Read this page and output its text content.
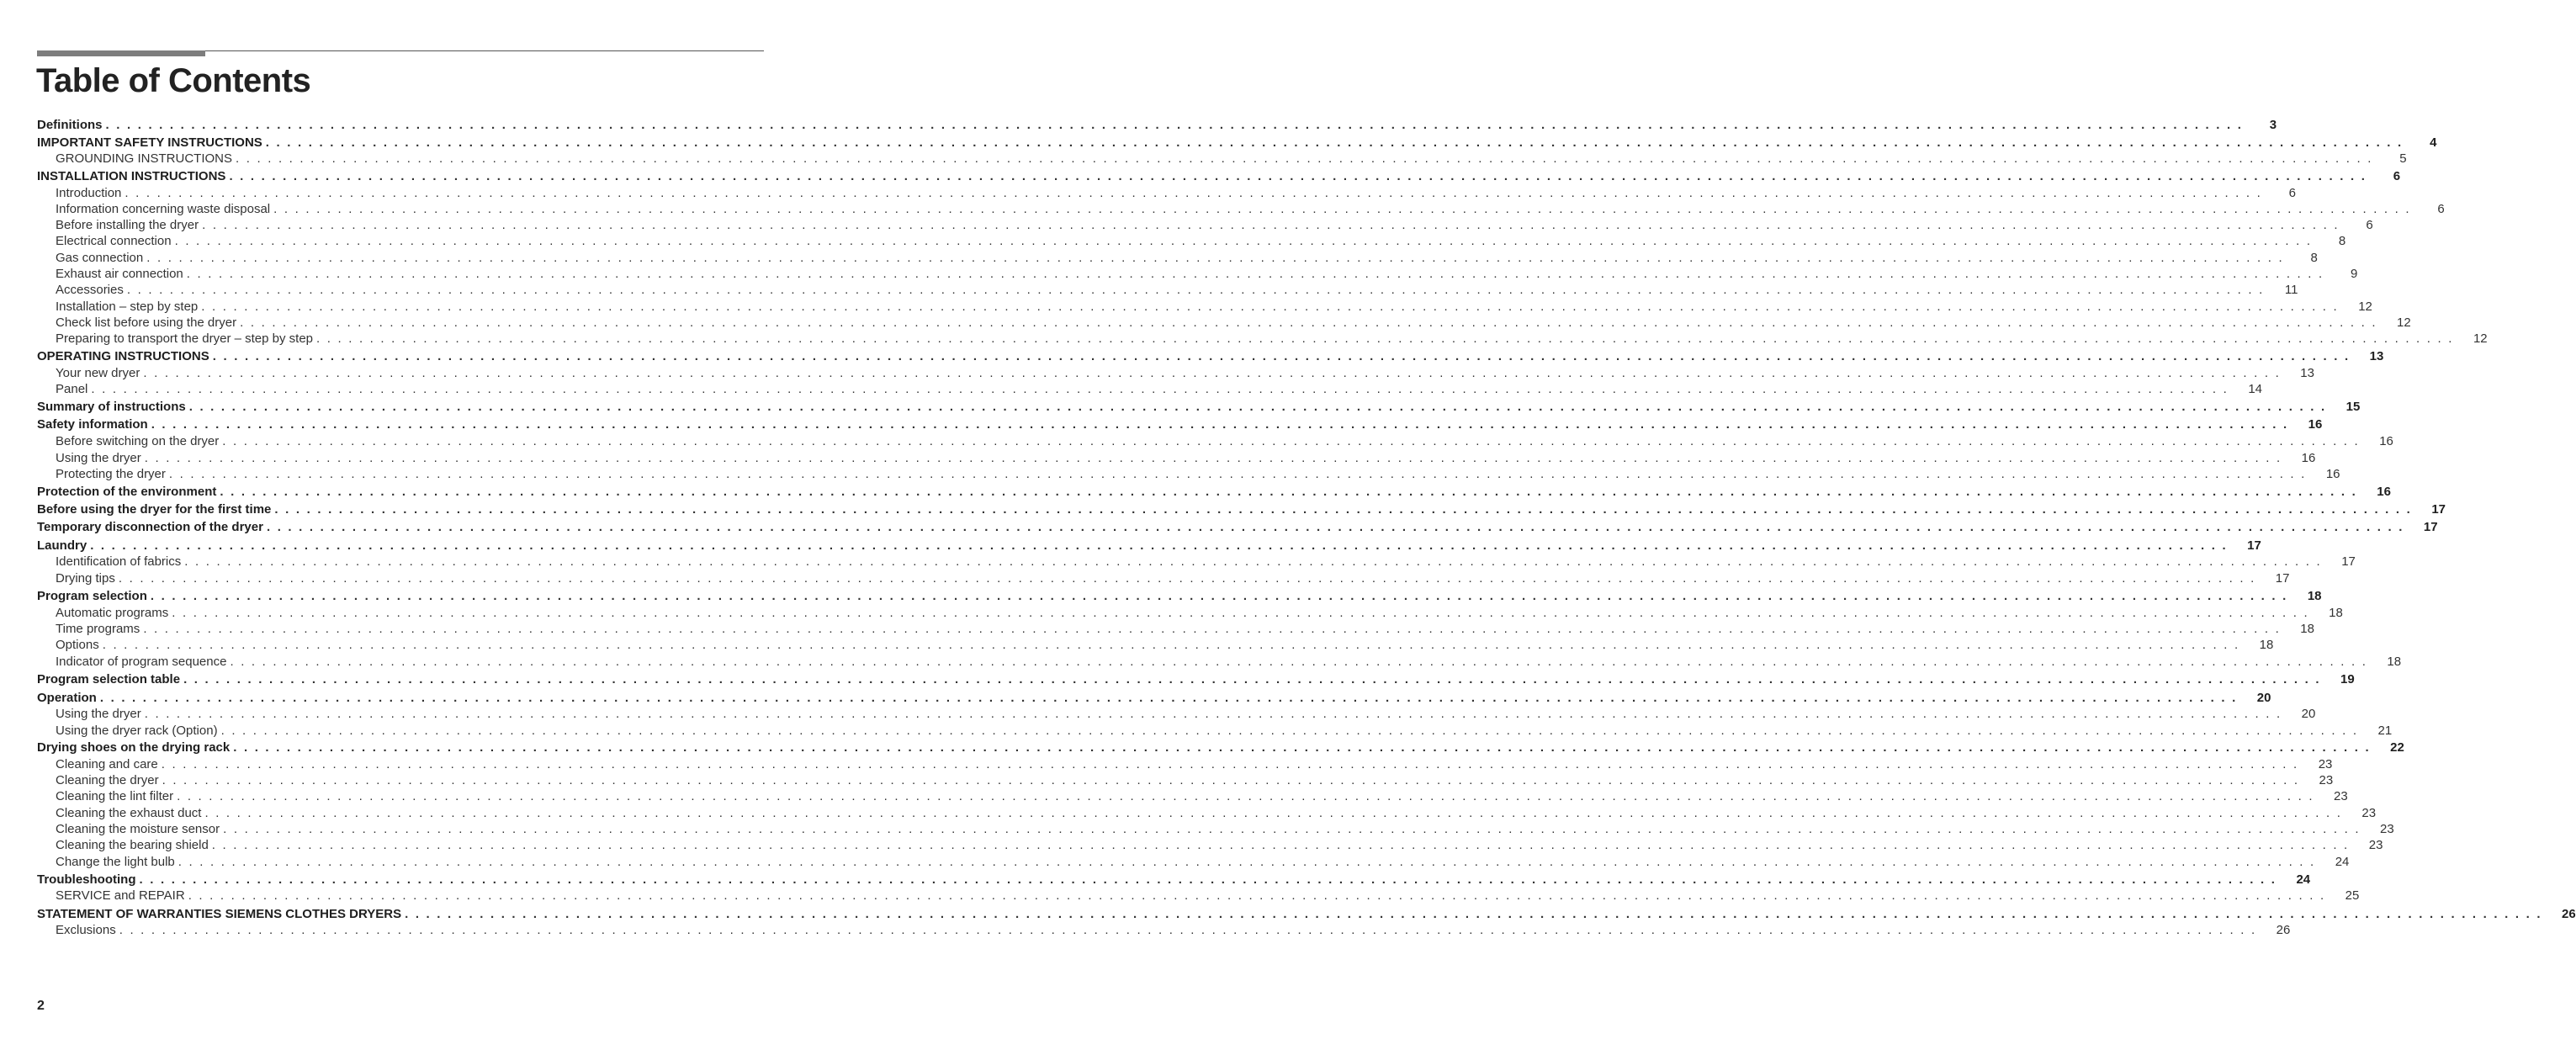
Table of Contents
Definitions . . . . . . . . . . . . . . . . . . . . . . . . . . . . . . . . . . . . . . . . . . . . . . . . . . . . . . . . . . . . . . . . . . . . . . . . . . . . . . . . . . . . . . . . . . . . . . . . . . . . . . . . . . . . . . . . . . . . . . . . . . . . . . . . . . . . . . . . . . . . . . . . . . . . . . . . . . . . . . . . . . . . . . . . . . . . . . . . . . . . . . . . . . . . . . . . . . . . . . . .	3
IMPORTANT SAFETY INSTRUCTIONS . . . . . . . . . . . . . . . . . . . . . . . . . . . . . . . . . . . . . . . . . . . . . . . . . . . . . . . . . . . . . . . . . . . . . . . . . . . . . . . . . . . . . . . . . . . . . . . . . . . . . . . . . . . . . . . . . . . . . . . . . . . . . . . . . . . . . . . . . . . . . . . . . . . . . . . . . . . . . . . . . . . . . . . . . . . . . . . . . . . . . . . . . . . . . . . . . . . . . . . .	4
GROUNDING INSTRUCTIONS . . . . . . . . . . . . . . . . . . . . . . . . . . . . . . . . . . . . . . . . . . . . . . . . . . . . . . . . . . . . . . . . . . . . . . . . . . . . . . . . . . . . . . . . . . . . . . . . . . . . . . . . . . . . . . . . . . . . . . . . . . . . . . . . . . . . . . . . . . . . . . . . . . . . . . . . . . . . . . . . . . . . . . . . . . . . . . . . . . . . . . . . . . . . . . . . . . . . . . . .	5
INSTALLATION INSTRUCTIONS . . . . . . . . . . . . . . . . . . . . . . . . . . . . . . . . . . . . . . . . . . . . . . . . . . . . . . . . . . . . . . . . . . . . . . . . . . . . . . . . . . . . . . . . . . . . . . . . . . . . . . . . . . . . . . . . . . . . . . . . . . . . . . . . . . . . . . . . . . . . . . . . . . . . . . . . . . . . . . . . . . . . . . . . . . . . . . . . . . . . . . . . . . . . . . . . . . . . . . . .	6
Introduction . . . . . . . . . . . . . . . . . . . . . . . . . . . . . . . . . . . . . . . . . . . . . . . . . . . . . . . . . . . . . . . . . . . . . . . . . . . . . . . . . . . . . . . . . . . . . . . . . . . . . . . . . . . . . . . . . . . . . . . . . . . . . . . . . . . . . . . . . . . . . . . . . . . . . . . . . . . . . . . . . . . . . . . . . . . . . . . . . . . . . . . . . . . . . . . . . . . . . . . .	6
Information concerning waste disposal . . . . . . . . . . . . . . . . . . . . . . . . . . . . . . . . . . . . . . . . . . . . . . . . . . . . . . . . . . . . . . . . . . . . . . . . . . . . . . . . . . . . . . . . . . . . . . . . . . . . . . . . . . . . . . . . . . . . . . . . . . . . . . . . . . . . . . . . . . . . . . . . . . . . . . . . . . . . . . . . . . . . . . . . . . . . . . . . . . . . . . . . . . . . . . . . . . . . . . . .	6
Before installing the dryer . . . . . . . . . . . . . . . . . . . . . . . . . . . . . . . . . . . . . . . . . . . . . . . . . . . . . . . . . . . . . . . . . . . . . . . . . . . . . . . . . . . . . . . . . . . . . . . . . . . . . . . . . . . . . . . . . . . . . . . . . . . . . . . . . . . . . . . . . . . . . . . . . . . . . . . . . . . . . . . . . . . . . . . . . . . . . . . . . . . . . . . . . . . . . . . . . . . . . . . .	6
Electrical connection . . . . . . . . . . . . . . . . . . . . . . . . . . . . . . . . . . . . . . . . . . . . . . . . . . . . . . . . . . . . . . . . . . . . . . . . . . . . . . . . . . . . . . . . . . . . . . . . . . . . . . . . . . . . . . . . . . . . . . . . . . . . . . . . . . . . . . . . . . . . . . . . . . . . . . . . . . . . . . . . . . . . . . . . . . . . . . . . . . . . . . . . . . . . . . . . . . . . . . . .	8
Gas connection . . . . . . . . . . . . . . . . . . . . . . . . . . . . . . . . . . . . . . . . . . . . . . . . . . . . . . . . . . . . . . . . . . . . . . . . . . . . . . . . . . . . . . . . . . . . . . . . . . . . . . . . . . . . . . . . . . . . . . . . . . . . . . . . . . . . . . . . . . . . . . . . . . . . . . . . . . . . . . . . . . . . . . . . . . . . . . . . . . . . . . . . . . . . . . . . . . . . . . . .	8
Exhaust air connection . . . . . . . . . . . . . . . . . . . . . . . . . . . . . . . . . . . . . . . . . . . . . . . . . . . . . . . . . . . . . . . . . . . . . . . . . . . . . . . . . . . . . . . . . . . . . . . . . . . . . . . . . . . . . . . . . . . . . . . . . . . . . . . . . . . . . . . . . . . . . . . . . . . . . . . . . . . . . . . . . . . . . . . . . . . . . . . . . . . . . . . . . . . . . . . . . . . . . . . .	9
Accessories . . . . . . . . . . . . . . . . . . . . . . . . . . . . . . . . . . . . . . . . . . . . . . . . . . . . . . . . . . . . . . . . . . . . . . . . . . . . . . . . . . . . . . . . . . . . . . . . . . . . . . . . . . . . . . . . . . . . . . . . . . . . . . . . . . . . . . . . . . . . . . . . . . . . . . . . . . . . . . . . . . . . . . . . . . . . . . . . . . . . . . . . . . . . . . . . . . . . . . . .	11
Installation – step by step . . . . . . . . . . . . . . . . . . . . . . . . . . . . . . . . . . . . . . . . . . . . . . . . . . . . . . . . . . . . . . . . . . . . . . . . . . . . . . . . . . . . . . . . . . . . . . . . . . . . . . . . . . . . . . . . . . . . . . . . . . . . . . . . . . . . . . . . . . . . . . . . . . . . . . . . . . . . . . . . . . . . . . . . . . . . . . . . . . . . . . . . . . . . . . . . . . . . . . . .	12
Check list before using the dryer . . . . . . . . . . . . . . . . . . . . . . . . . . . . . . . . . . . . . . . . . . . . . . . . . . . . . . . . . . . . . . . . . . . . . . . . . . . . . . . . . . . . . . . . . . . . . . . . . . . . . . . . . . . . . . . . . . . . . . . . . . . . . . . . . . . . . . . . . . . . . . . . . . . . . . . . . . . . . . . . . . . . . . . . . . . . . . . . . . . . . . . . . . . . . . . . . . . . . . . .	12
Preparing to transport the dryer – step by step . . . . . . . . . . . . . . . . . . . . . . . . . . . . . . . . . . . . . . . . . . . . . . . . . . . . . . . . . . . . . . . . . . . . . . . . . . . . . . . . . . . . . . . . . . . . . . . . . . . . . . . . . . . . . . . . . . . . . . . . . . . . . . . . . . . . . . . . . . . . . . . . . . . . . . . . . . . . . . . . . . . . . . . . . . . . . . . . . . . . . . . . . . . . . . . . . . . . . . . .	12
OPERATING INSTRUCTIONS . . . . . . . . . . . . . . . . . . . . . . . . . . . . . . . . . . . . . . . . . . . . . . . . . . . . . . . . . . . . . . . . . . . . . . . . . . . . . . . . . . . . . . . . . . . . . . . . . . . . . . . . . . . . . . . . . . . . . . . . . . . . . . . . . . . . . . . . . . . . . . . . . . . . . . . . . . . . . . . . . . . . . . . . . . . . . . . . . . . . . . . . . . . . . . . . . . . . . . . .	13
Your new dryer . . . . . . . . . . . . . . . . . . . . . . . . . . . . . . . . . . . . . . . . . . . . . . . . . . . . . . . . . . . . . . . . . . . . . . . . . . . . . . . . . . . . . . . . . . . . . . . . . . . . . . . . . . . . . . . . . . . . . . . . . . . . . . . . . . . . . . . . . . . . . . . . . . . . . . . . . . . . . . . . . . . . . . . . . . . . . . . . . . . . . . . . . . . . . . . . . . . . . . . .	13
Panel . . . . . . . . . . . . . . . . . . . . . . . . . . . . . . . . . . . . . . . . . . . . . . . . . . . . . . . . . . . . . . . . . . . . . . . . . . . . . . . . . . . . . . . . . . . . . . . . . . . . . . . . . . . . . . . . . . . . . . . . . . . . . . . . . . . . . . . . . . . . . . . . . . . . . . . . . . . . . . . . . . . . . . . . . . . . . . . . . . . . . . . . . . . . . . . . . . . . . . . .	14
Summary of instructions . . . . . . . . . . . . . . . . . . . . . . . . . . . . . . . . . . . . . . . . . . . . . . . . . . . . . . . . . . . . . . . . . . . . . . . . . . . . . . . . . . . . . . . . . . . . . . . . . . . . . . . . . . . . . . . . . . . . . . . . . . . . . . . . . . . . . . . . . . . . . . . . . . . . . . . . . . . . . . . . . . . . . . . . . . . . . . . . . . . . . . . . . . . . . . . . . . . . . . . .	15
Safety information . . . . . . . . . . . . . . . . . . . . . . . . . . . . . . . . . . . . . . . . . . . . . . . . . . . . . . . . . . . . . . . . . . . . . . . . . . . . . . . . . . . . . . . . . . . . . . . . . . . . . . . . . . . . . . . . . . . . . . . . . . . . . . . . . . . . . . . . . . . . . . . . . . . . . . . . . . . . . . . . . . . . . . . . . . . . . . . . . . . . . . . . . . . . . . . . . . . . . . . .	16
Before switching on the dryer . . . . . . . . . . . . . . . . . . . . . . . . . . . . . . . . . . . . . . . . . . . . . . . . . . . . . . . . . . . . . . . . . . . . . . . . . . . . . . . . . . . . . . . . . . . . . . . . . . . . . . . . . . . . . . . . . . . . . . . . . . . . . . . . . . . . . . . . . . . . . . . . . . . . . . . . . . . . . . . . . . . . . . . . . . . . . . . . . . . . . . . . . . . . . . . . . . . . . . . .	16
Using the dryer . . . . . . . . . . . . . . . . . . . . . . . . . . . . . . . . . . . . . . . . . . . . . . . . . . . . . . . . . . . . . . . . . . . . . . . . . . . . . . . . . . . . . . . . . . . . . . . . . . . . . . . . . . . . . . . . . . . . . . . . . . . . . . . . . . . . . . . . . . . . . . . . . . . . . . . . . . . . . . . . . . . . . . . . . . . . . . . . . . . . . . . . . . . . . . . . . . . . . . . .	16
Protecting the dryer . . . . . . . . . . . . . . . . . . . . . . . . . . . . . . . . . . . . . . . . . . . . . . . . . . . . . . . . . . . . . . . . . . . . . . . . . . . . . . . . . . . . . . . . . . . . . . . . . . . . . . . . . . . . . . . . . . . . . . . . . . . . . . . . . . . . . . . . . . . . . . . . . . . . . . . . . . . . . . . . . . . . . . . . . . . . . . . . . . . . . . . . . . . . . . . . . . . . . . . .	16
Protection of the environment . . . . . . . . . . . . . . . . . . . . . . . . . . . . . . . . . . . . . . . . . . . . . . . . . . . . . . . . . . . . . . . . . . . . . . . . . . . . . . . . . . . . . . . . . . . . . . . . . . . . . . . . . . . . . . . . . . . . . . . . . . . . . . . . . . . . . . . . . . . . . . . . . . . . . . . . . . . . . . . . . . . . . . . . . . . . . . . . . . . . . . . . . . . . . . . . . . . . . . . .	16
Before using the dryer for the first time . . . . . . . . . . . . . . . . . . . . . . . . . . . . . . . . . . . . . . . . . . . . . . . . . . . . . . . . . . . . . . . . . . . . . . . . . . . . . . . . . . . . . . . . . . . . . . . . . . . . . . . . . . . . . . . . . . . . . . . . . . . . . . . . . . . . . . . . . . . . . . . . . . . . . . . . . . . . . . . . . . . . . . . . . . . . . . . . . . . . . . . . . . . . . . . . . . . . . . . .	17
Temporary disconnection of the dryer . . . . . . . . . . . . . . . . . . . . . . . . . . . . . . . . . . . . . . . . . . . . . . . . . . . . . . . . . . . . . . . . . . . . . . . . . . . . . . . . . . . . . . . . . . . . . . . . . . . . . . . . . . . . . . . . . . . . . . . . . . . . . . . . . . . . . . . . . . . . . . . . . . . . . . . . . . . . . . . . . . . . . . . . . . . . . . . . . . . . . . . . . . . . . . . . . . . . . . . .	17
Laundry . . . . . . . . . . . . . . . . . . . . . . . . . . . . . . . . . . . . . . . . . . . . . . . . . . . . . . . . . . . . . . . . . . . . . . . . . . . . . . . . . . . . . . . . . . . . . . . . . . . . . . . . . . . . . . . . . . . . . . . . . . . . . . . . . . . . . . . . . . . . . . . . . . . . . . . . . . . . . . . . . . . . . . . . . . . . . . . . . . . . . . . . . . . . . . . . . . . . . . . .	17
Identification of fabrics . . . . . . . . . . . . . . . . . . . . . . . . . . . . . . . . . . . . . . . . . . . . . . . . . . . . . . . . . . . . . . . . . . . . . . . . . . . . . . . . . . . . . . . . . . . . . . . . . . . . . . . . . . . . . . . . . . . . . . . . . . . . . . . . . . . . . . . . . . . . . . . . . . . . . . . . . . . . . . . . . . . . . . . . . . . . . . . . . . . . . . . . . . . . . . . . . . . . . . . .	17
Drying tips . . . . . . . . . . . . . . . . . . . . . . . . . . . . . . . . . . . . . . . . . . . . . . . . . . . . . . . . . . . . . . . . . . . . . . . . . . . . . . . . . . . . . . . . . . . . . . . . . . . . . . . . . . . . . . . . . . . . . . . . . . . . . . . . . . . . . . . . . . . . . . . . . . . . . . . . . . . . . . . . . . . . . . . . . . . . . . . . . . . . . . . . . . . . . . . . . . . . . . . .	17
Program selection . . . . . . . . . . . . . . . . . . . . . . . . . . . . . . . . . . . . . . . . . . . . . . . . . . . . . . . . . . . . . . . . . . . . . . . . . . . . . . . . . . . . . . . . . . . . . . . . . . . . . . . . . . . . . . . . . . . . . . . . . . . . . . . . . . . . . . . . . . . . . . . . . . . . . . . . . . . . . . . . . . . . . . . . . . . . . . . . . . . . . . . . . . . . . . . . . . . . . . . .	18
Automatic programs . . . . . . . . . . . . . . . . . . . . . . . . . . . . . . . . . . . . . . . . . . . . . . . . . . . . . . . . . . . . . . . . . . . . . . . . . . . . . . . . . . . . . . . . . . . . . . . . . . . . . . . . . . . . . . . . . . . . . . . . . . . . . . . . . . . . . . . . . . . . . . . . . . . . . . . . . . . . . . . . . . . . . . . . . . . . . . . . . . . . . . . . . . . . . . . . . . . . . . . .	18
Time programs . . . . . . . . . . . . . . . . . . . . . . . . . . . . . . . . . . . . . . . . . . . . . . . . . . . . . . . . . . . . . . . . . . . . . . . . . . . . . . . . . . . . . . . . . . . . . . . . . . . . . . . . . . . . . . . . . . . . . . . . . . . . . . . . . . . . . . . . . . . . . . . . . . . . . . . . . . . . . . . . . . . . . . . . . . . . . . . . . . . . . . . . . . . . . . . . . . . . . . . .	18
Options . . . . . . . . . . . . . . . . . . . . . . . . . . . . . . . . . . . . . . . . . . . . . . . . . . . . . . . . . . . . . . . . . . . . . . . . . . . . . . . . . . . . . . . . . . . . . . . . . . . . . . . . . . . . . . . . . . . . . . . . . . . . . . . . . . . . . . . . . . . . . . . . . . . . . . . . . . . . . . . . . . . . . . . . . . . . . . . . . . . . . . . . . . . . . . . . . . . . . . . .	18
Indicator of program sequence . . . . . . . . . . . . . . . . . . . . . . . . . . . . . . . . . . . . . . . . . . . . . . . . . . . . . . . . . . . . . . . . . . . . . . . . . . . . . . . . . . . . . . . . . . . . . . . . . . . . . . . . . . . . . . . . . . . . . . . . . . . . . . . . . . . . . . . . . . . . . . . . . . . . . . . . . . . . . . . . . . . . . . . . . . . . . . . . . . . . . . . . . . . . . . . . . . . . . . . .	18
Program selection table . . . . . . . . . . . . . . . . . . . . . . . . . . . . . . . . . . . . . . . . . . . . . . . . . . . . . . . . . . . . . . . . . . . . . . . . . . . . . . . . . . . . . . . . . . . . . . . . . . . . . . . . . . . . . . . . . . . . . . . . . . . . . . . . . . . . . . . . . . . . . . . . . . . . . . . . . . . . . . . . . . . . . . . . . . . . . . . . . . . . . . . . . . . . . . . . . . . . . . . .	19
Operation . . . . . . . . . . . . . . . . . . . . . . . . . . . . . . . . . . . . . . . . . . . . . . . . . . . . . . . . . . . . . . . . . . . . . . . . . . . . . . . . . . . . . . . . . . . . . . . . . . . . . . . . . . . . . . . . . . . . . . . . . . . . . . . . . . . . . . . . . . . . . . . . . . . . . . . . . . . . . . . . . . . . . . . . . . . . . . . . . . . . . . . . . . . . . . . . . . . . . . . .	20
Using the dryer . . . . . . . . . . . . . . . . . . . . . . . . . . . . . . . . . . . . . . . . . . . . . . . . . . . . . . . . . . . . . . . . . . . . . . . . . . . . . . . . . . . . . . . . . . . . . . . . . . . . . . . . . . . . . . . . . . . . . . . . . . . . . . . . . . . . . . . . . . . . . . . . . . . . . . . . . . . . . . . . . . . . . . . . . . . . . . . . . . . . . . . . . . . . . . . . . . . . . . . .	20
Using the dryer rack (Option) . . . . . . . . . . . . . . . . . . . . . . . . . . . . . . . . . . . . . . . . . . . . . . . . . . . . . . . . . . . . . . . . . . . . . . . . . . . . . . . . . . . . . . . . . . . . . . . . . . . . . . . . . . . . . . . . . . . . . . . . . . . . . . . . . . . . . . . . . . . . . . . . . . . . . . . . . . . . . . . . . . . . . . . . . . . . . . . . . . . . . . . . . . . . . . . . . . . . . . . .	21
Drying shoes on the drying rack . . . . . . . . . . . . . . . . . . . . . . . . . . . . . . . . . . . . . . . . . . . . . . . . . . . . . . . . . . . . . . . . . . . . . . . . . . . . . . . . . . . . . . . . . . . . . . . . . . . . . . . . . . . . . . . . . . . . . . . . . . . . . . . . . . . . . . . . . . . . . . . . . . . . . . . . . . . . . . . . . . . . . . . . . . . . . . . . . . . . . . . . . . . . . . . . . . . . . . . .	22
Cleaning and care . . . . . . . . . . . . . . . . . . . . . . . . . . . . . . . . . . . . . . . . . . . . . . . . . . . . . . . . . . . . . . . . . . . . . . . . . . . . . . . . . . . . . . . . . . . . . . . . . . . . . . . . . . . . . . . . . . . . . . . . . . . . . . . . . . . . . . . . . . . . . . . . . . . . . . . . . . . . . . . . . . . . . . . . . . . . . . . . . . . . . . . . . . . . . . . . . . . . . . . .	23
Cleaning the dryer . . . . . . . . . . . . . . . . . . . . . . . . . . . . . . . . . . . . . . . . . . . . . . . . . . . . . . . . . . . . . . . . . . . . . . . . . . . . . . . . . . . . . . . . . . . . . . . . . . . . . . . . . . . . . . . . . . . . . . . . . . . . . . . . . . . . . . . . . . . . . . . . . . . . . . . . . . . . . . . . . . . . . . . . . . . . . . . . . . . . . . . . . . . . . . . . . . . . . . . .	23
Cleaning the lint filter . . . . . . . . . . . . . . . . . . . . . . . . . . . . . . . . . . . . . . . . . . . . . . . . . . . . . . . . . . . . . . . . . . . . . . . . . . . . . . . . . . . . . . . . . . . . . . . . . . . . . . . . . . . . . . . . . . . . . . . . . . . . . . . . . . . . . . . . . . . . . . . . . . . . . . . . . . . . . . . . . . . . . . . . . . . . . . . . . . . . . . . . . . . . . . . . . . . . . . . .	23
Cleaning the exhaust duct . . . . . . . . . . . . . . . . . . . . . . . . . . . . . . . . . . . . . . . . . . . . . . . . . . . . . . . . . . . . . . . . . . . . . . . . . . . . . . . . . . . . . . . . . . . . . . . . . . . . . . . . . . . . . . . . . . . . . . . . . . . . . . . . . . . . . . . . . . . . . . . . . . . . . . . . . . . . . . . . . . . . . . . . . . . . . . . . . . . . . . . . . . . . . . . . . . . . . . . .	23
Cleaning the moisture sensor . . . . . . . . . . . . . . . . . . . . . . . . . . . . . . . . . . . . . . . . . . . . . . . . . . . . . . . . . . . . . . . . . . . . . . . . . . . . . . . . . . . . . . . . . . . . . . . . . . . . . . . . . . . . . . . . . . . . . . . . . . . . . . . . . . . . . . . . . . . . . . . . . . . . . . . . . . . . . . . . . . . . . . . . . . . . . . . . . . . . . . . . . . . . . . . . . . . . . . . .	23
Cleaning the bearing shield . . . . . . . . . . . . . . . . . . . . . . . . . . . . . . . . . . . . . . . . . . . . . . . . . . . . . . . . . . . . . . . . . . . . . . . . . . . . . . . . . . . . . . . . . . . . . . . . . . . . . . . . . . . . . . . . . . . . . . . . . . . . . . . . . . . . . . . . . . . . . . . . . . . . . . . . . . . . . . . . . . . . . . . . . . . . . . . . . . . . . . . . . . . . . . . . . . . . . . . .	23
Change the light bulb . . . . . . . . . . . . . . . . . . . . . . . . . . . . . . . . . . . . . . . . . . . . . . . . . . . . . . . . . . . . . . . . . . . . . . . . . . . . . . . . . . . . . . . . . . . . . . . . . . . . . . . . . . . . . . . . . . . . . . . . . . . . . . . . . . . . . . . . . . . . . . . . . . . . . . . . . . . . . . . . . . . . . . . . . . . . . . . . . . . . . . . . . . . . . . . . . . . . . . . .	24
Troubleshooting . . . . . . . . . . . . . . . . . . . . . . . . . . . . . . . . . . . . . . . . . . . . . . . . . . . . . . . . . . . . . . . . . . . . . . . . . . . . . . . . . . . . . . . . . . . . . . . . . . . . . . . . . . . . . . . . . . . . . . . . . . . . . . . . . . . . . . . . . . . . . . . . . . . . . . . . . . . . . . . . . . . . . . . . . . . . . . . . . . . . . . . . . . . . . . . . . . . . . . . .	24
SERVICE and REPAIR . . . . . . . . . . . . . . . . . . . . . . . . . . . . . . . . . . . . . . . . . . . . . . . . . . . . . . . . . . . . . . . . . . . . . . . . . . . . . . . . . . . . . . . . . . . . . . . . . . . . . . . . . . . . . . . . . . . . . . . . . . . . . . . . . . . . . . . . . . . . . . . . . . . . . . . . . . . . . . . . . . . . . . . . . . . . . . . . . . . . . . . . . . . . . . . . . . . . . . . .	25
STATEMENT OF WARRANTIES SIEMENS CLOTHES DRYERS . . . . . . . . . . . . . . . . . . . . . . . . . . . . . . . . . . . . . . . . . . . . . . . . . . . . . . . . . . . . . . . . . . . . . . . . . . . . . . . . . . . . . . . . . . . . . . . . . . . . . . . . . . . . . . . . . . . . . . . . . . . . . . . . . . . . . . . . . . . . . . . . . . . . . . . . . . . . . . . . . . . . . . . . . . . . . . . . . . . . . . . . . . . . . . . . . . . . . . . .	26
Exclusions . . . . . . . . . . . . . . . . . . . . . . . . . . . . . . . . . . . . . . . . . . . . . . . . . . . . . . . . . . . . . . . . . . . . . . . . . . . . . . . . . . . . . . . . . . . . . . . . . . . . . . . . . . . . . . . . . . . . . . . . . . . . . . . . . . . . . . . . . . . . . . . . . . . . . . . . . . . . . . . . . . . . . . . . . . . . . . . . . . . . . . . . . . . . . . . . . . . . . . . .	26
2
